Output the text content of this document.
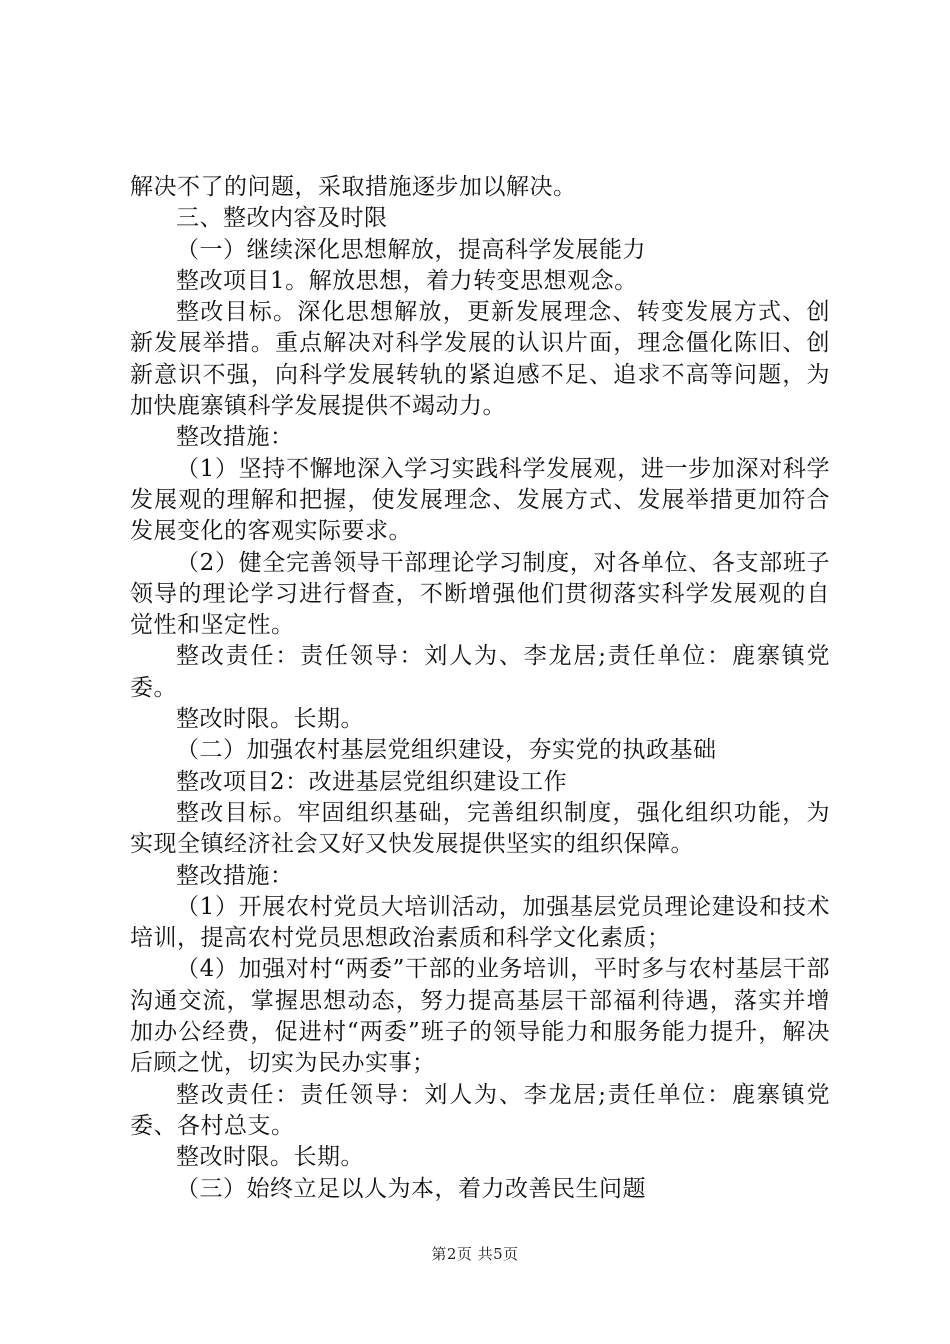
解决不了的问题，采取措施逐步加以解决。

三、整改内容及时限

（一）继续深化思想解放，提高科学发展能力

整改项目1。解放思想，着力转变思想观念。

整改目标。深化思想解放，更新发展理念、转变发展方式、创新发展举措。重点解决对科学发展的认识片面，理念僵化陈旧、创新意识不强，向科学发展转轨的紧迫感不足、追求不高等问题，为加快鹿寨镇科学发展提供不竭动力。

整改措施：

（1）坚持不懈地深入学习实践科学发展观，进一步加深对科学发展观的理解和把握，使发展理念、发展方式、发展举措更加符合发展变化的客观实际要求。

（2）健全完善领导干部理论学习制度，对各单位、各支部班子领导的理论学习进行督查，不断增强他们贯彻落实科学发展观的自觉性和坚定性。

整改责任：责任领导：刘人为、李龙居;责任单位：鹿寨镇党委。

整改时限。长期。

（二）加强农村基层党组织建设，夯实党的执政基础

整改项目2：改进基层党组织建设工作

整改目标。牢固组织基础，完善组织制度，强化组织功能，为实现全镇经济社会又好又快发展提供坚实的组织保障。

整改措施：

（1）开展农村党员大培训活动，加强基层党员理论建设和技术培训，提高农村党员思想政治素质和科学文化素质；

（4）加强对村“两委”干部的业务培训，平时多与农村基层干部沟通交流，掌握思想动态，努力提高基层干部福利待遇，落实并增加办公经费，促进村“两委”班子的领导能力和服务能力提升，解决后顾之忧，切实为民办实事；

整改责任：责任领导：刘人为、李龙居;责任单位：鹿寨镇党委、各村总支。

整改时限。长期。

（三）始终立足以人为本，着力改善民生问题

第2页 共5页
